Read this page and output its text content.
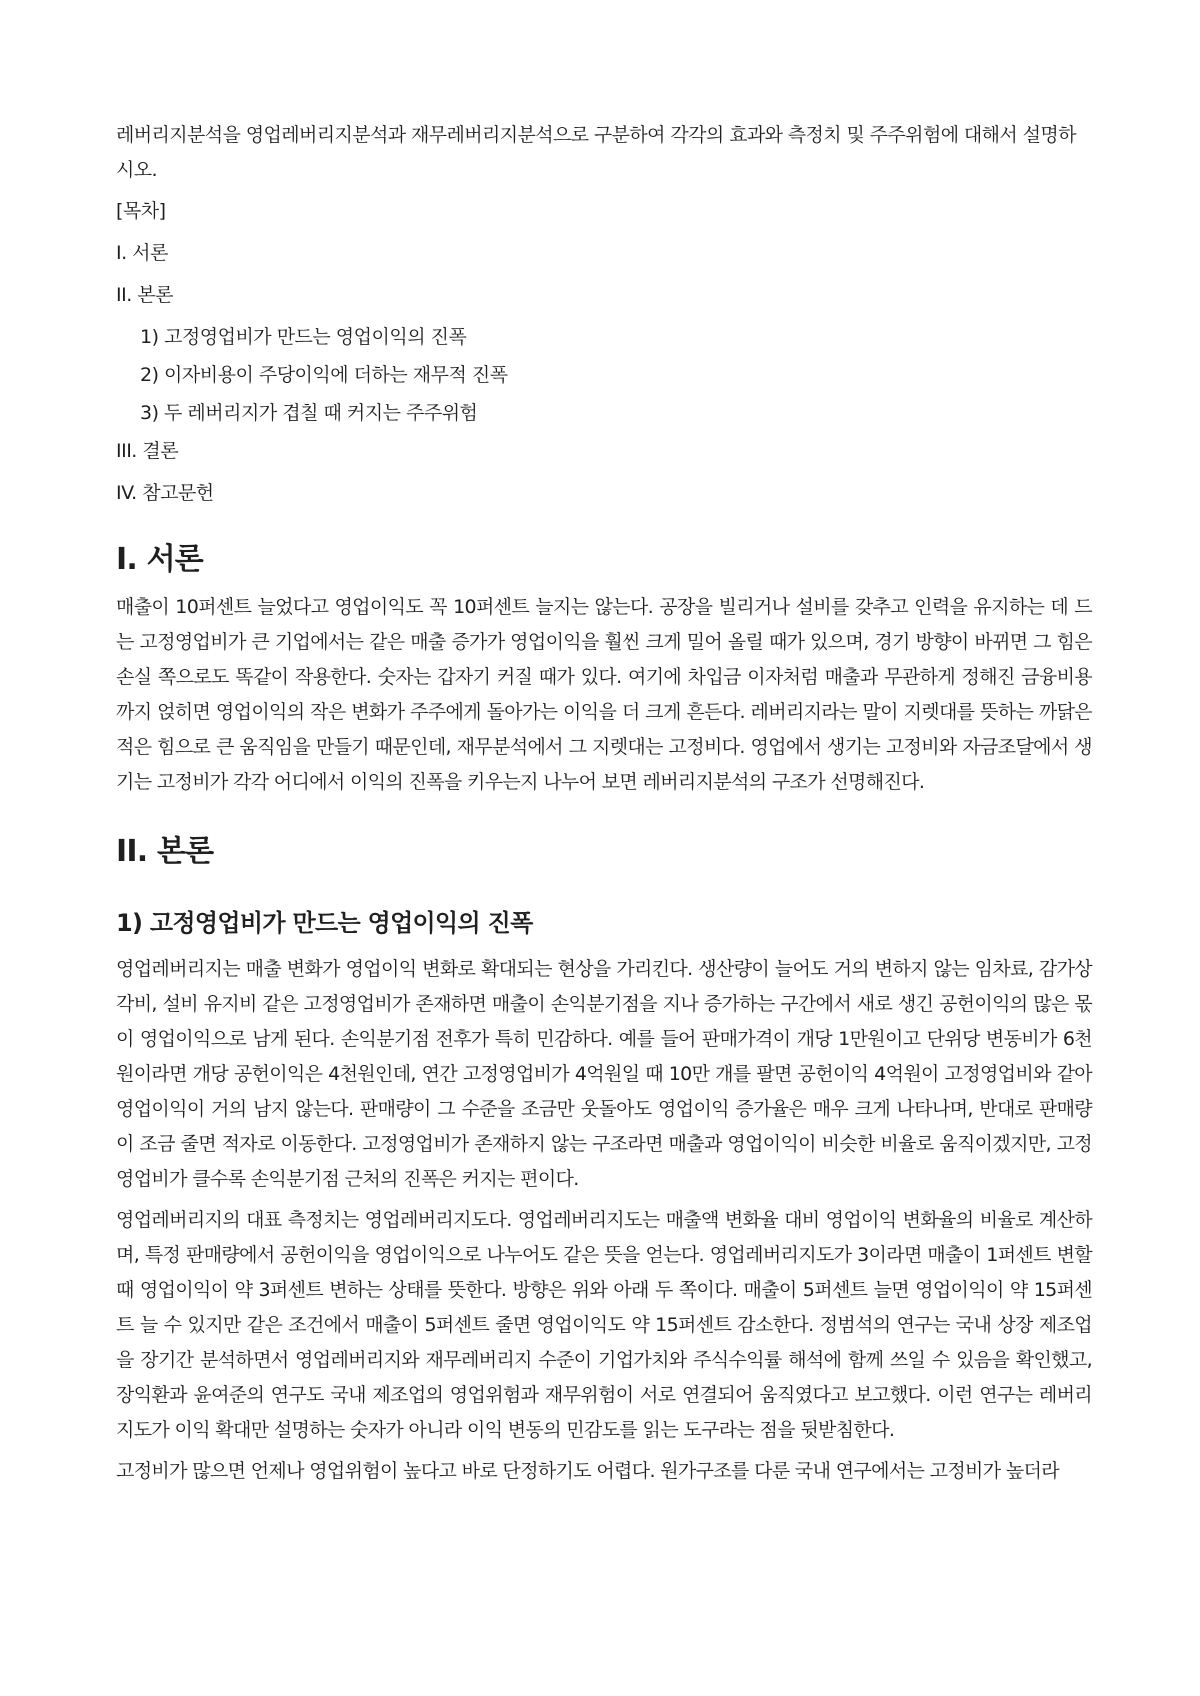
레버리지분석을 영업레버리지분석과 재무레버리지분석으로 구분하여 각각의 효과와 측정치 및 주주위험에 대해서 설명하시오.

[목차]
I. 서론
II. 본론
1) 고정영업비가 만드는 영업이익의 진폭
2) 이자비용이 주당이익에 더하는 재무적 진폭
3) 두 레버리지가 겹칠 때 커지는 주주위험
III. 결론
IV. 참고문헌
I. 서론

매출이 10퍼센트 늘었다고 영업이익도 꼭 10퍼센트 늘지는 않는다. 공장을 빌리거나 설비를 갖추고 인력을 유지하는 데 드는 고정영업비가 큰 기업에서는 같은 매출 증가가 영업이익을 훨씬 크게 밀어 올릴 때가 있으며, 경기 방향이 바뀌면 그 힘은 손실 쪽으로도 똑같이 작용한다. 숫자는 갑자기 커질 때가 있다. 여기에 차입금 이자처럼 매출과 무관하게 정해진 금융비용까지 얹히면 영업이익의 작은 변화가 주주에게 돌아가는 이익을 더 크게 흔든다. 레버리지라는 말이 지렛대를 뜻하는 까닭은 적은 힘으로 큰 움직임을 만들기 때문인데, 재무분석에서 그 지렛대는 고정비다. 영업에서 생기는 고정비와 자금조달에서 생기는 고정비가 각각 어디에서 이익의 진폭을 키우는지 나누어 보면 레버리지분석의 구조가 선명해진다.

II. 본론
1) 고정영업비가 만드는 영업이익의 진폭

영업레버리지는 매출 변화가 영업이익 변화로 확대되는 현상을 가리킨다. 생산량이 늘어도 거의 변하지 않는 임차료, 감가상각비, 설비 유지비 같은 고정영업비가 존재하면 매출이 손익분기점을 지나 증가하는 구간에서 새로 생긴 공헌이익의 많은 몫이 영업이익으로 남게 된다. 손익분기점 전후가 특히 민감하다. 예를 들어 판매가격이 개당 1만원이고 단위당 변동비가 6천원이라면 개당 공헌이익은 4천원인데, 연간 고정영업비가 4억원일 때 10만 개를 팔면 공헌이익 4억원이 고정영업비와 같아 영업이익이 거의 남지 않는다. 판매량이 그 수준을 조금만 웃돌아도 영업이익 증가율은 매우 크게 나타나며, 반대로 판매량이 조금 줄면 적자로 이동한다. 고정영업비가 존재하지 않는 구조라면 매출과 영업이익이 비슷한 비율로 움직이겠지만, 고정영업비가 클수록 손익분기점 근처의 진폭은 커지는 편이다.

영업레버리지의 대표 측정치는 영업레버리지도다. 영업레버리지도는 매출액 변화율 대비 영업이익 변화율의 비율로 계산하며, 특정 판매량에서 공헌이익을 영업이익으로 나누어도 같은 뜻을 얻는다. 영업레버리지도가 3이라면 매출이 1퍼센트 변할 때 영업이익이 약 3퍼센트 변하는 상태를 뜻한다. 방향은 위와 아래 두 쪽이다. 매출이 5퍼센트 늘면 영업이익이 약 15퍼센트 늘 수 있지만 같은 조건에서 매출이 5퍼센트 줄면 영업이익도 약 15퍼센트 감소한다. 정범석의 연구는 국내 상장 제조업을 장기간 분석하면서 영업레버리지와 재무레버리지 수준이 기업가치와 주식수익률 해석에 함께 쓰일 수 있음을 확인했고, 장익환과 윤여준의 연구도 국내 제조업의 영업위험과 재무위험이 서로 연결되어 움직였다고 보고했다. 이런 연구는 레버리지도가 이익 확대만 설명하는 숫자가 아니라 이익 변동의 민감도를 읽는 도구라는 점을 뒷받침한다.

고정비가 많으면 언제나 영업위험이 높다고 바로 단정하기도 어렵다. 원가구조를 다룬 국내 연구에서는 고정비가 높더라
